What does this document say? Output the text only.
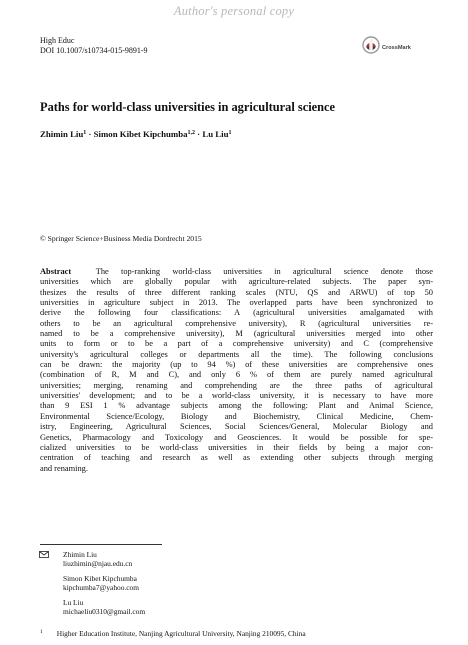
Author's personal copy
High Educ
DOI 10.1007/s10734-015-9891-9	CrossMark
Paths for world-class universities in agricultural science
Zhimin Liu$^1$ · Simon Kibet Kipchumba$^{1,2}$ · Lu Liu$^1$
© Springer Science+Business Media Dordrecht 2015
Abstract	The top-ranking world-class universities in agricultural science denote those
universities which are globally popular with agriculture-related subjects. The paper syn-
thesizes the results of three different ranking scales (NTU, QS and ARWU) of top 50
universities in agriculture subject in 2013. The overlapped parts have been synchronized to
derive the following four classifications: A (agricultural universities amalgamated with
others to be an agricultural comprehensive university), R (agricultural universities re-
named to be a comprehensive university), M (agricultural universities merged into other
units to form or to be a part of a comprehensive university) and C (comprehensive
university's agricultural colleges or departments all the time). The following conclusions
can be drawn: the majority (up to 94 %) of these universities are comprehensive ones
(combination of R, M and C), and only 6 % of them are purely named agricultural
universities; merging, renaming and comprehending are the three paths of agricultural
universities' development; and to be a world-class university, it is necessary to have more
than 9 ESI 1 % advantage subjects among the following: Plant and Animal Science,
Environmental Science/Ecology, Biology and Biochemistry, Clinical Medicine, Chem-
istry, Engineering, Agricultural Sciences, Social Sciences/General, Molecular Biology and
Genetics, Pharmacology and Toxicology and Geosciences. It would be possible for spe-
cialized universities to be world-class universities in their fields by being a major con-
centration of teaching and research as well as extending other subjects through merging
and renaming.
Zhimin Liu
liuzhimin@njau.edu.cn
Simon Kibet Kipchumba
kipchumba7@yahoo.com
Lu Liu
michaeliu0310@gmail.com
$^1$ Higher Education Institute, Nanjing Agricultural University, Nanjing 210095, China
